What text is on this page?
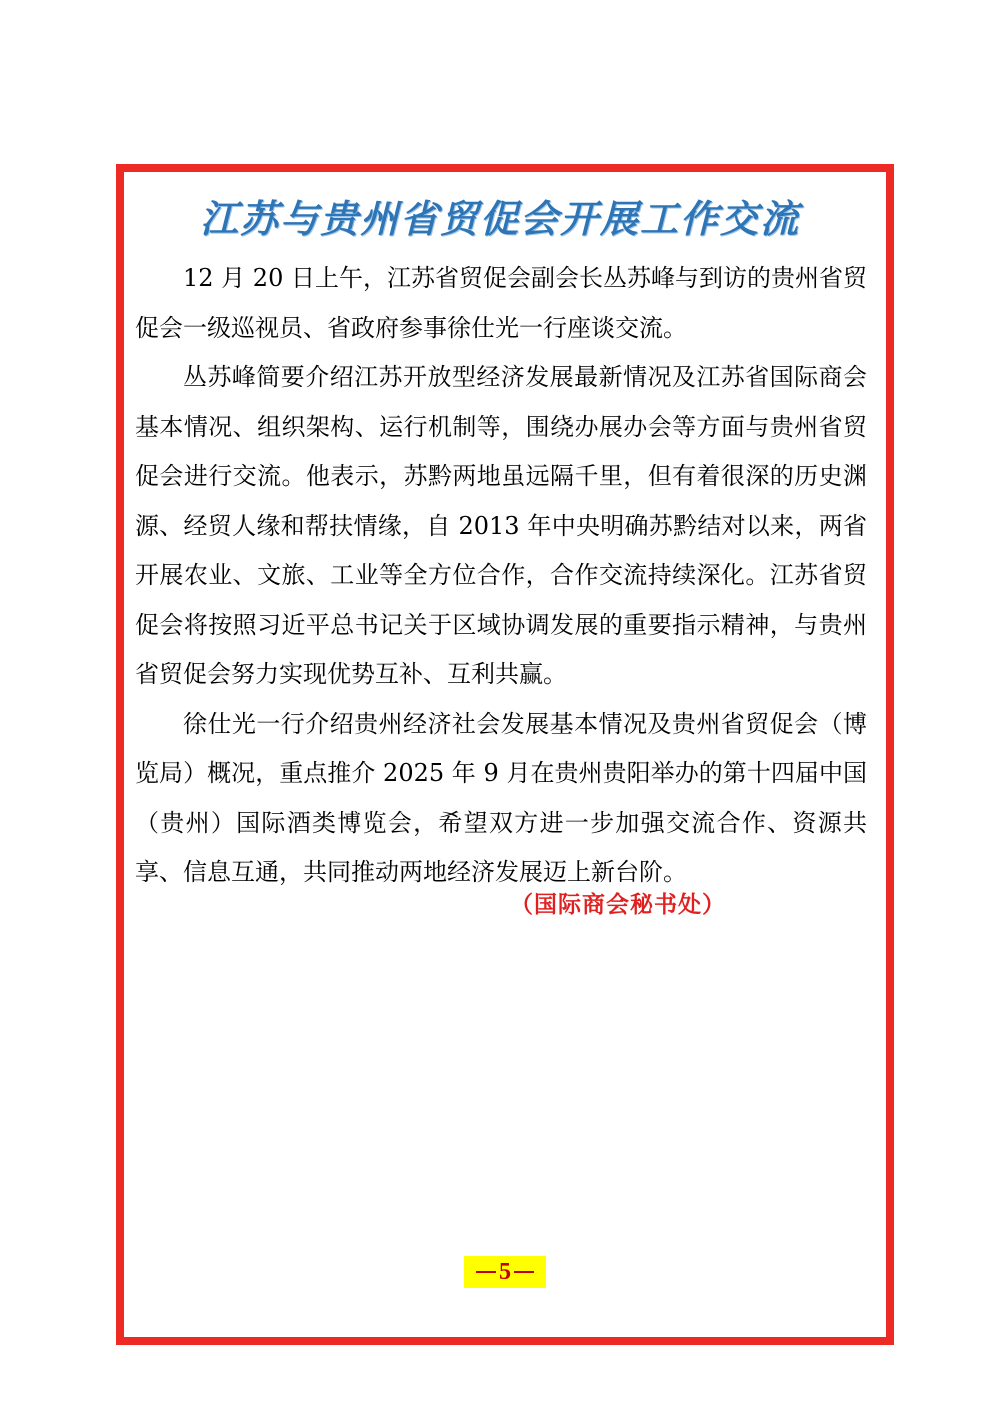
江苏与贵州省贸促会开展工作交流

12 月 20 日上午，江苏省贸促会副会长丛苏峰与到访的贵州省贸促会一级巡视员、省政府参事徐仕光一行座谈交流。

丛苏峰简要介绍江苏开放型经济发展最新情况及江苏省国际商会基本情况、组织架构、运行机制等，围绕办展办会等方面与贵州省贸促会进行交流。他表示，苏黔两地虽远隔千里，但有着很深的历史渊源、经贸人缘和帮扶情缘，自 2013 年中央明确苏黔结对以来，两省开展农业、文旅、工业等全方位合作，合作交流持续深化。江苏省贸促会将按照习近平总书记关于区域协调发展的重要指示精神，与贵州省贸促会努力实现优势互补、互利共赢。

徐仕光一行介绍贵州经济社会发展基本情况及贵州省贸促会（博览局）概况，重点推介 2025 年 9 月在贵州贵阳举办的第十四届中国（贵州）国际酒类博览会，希望双方进一步加强交流合作、资源共享、信息互通，共同推动两地经济发展迈上新台阶。

（国际商会秘书处）
5
